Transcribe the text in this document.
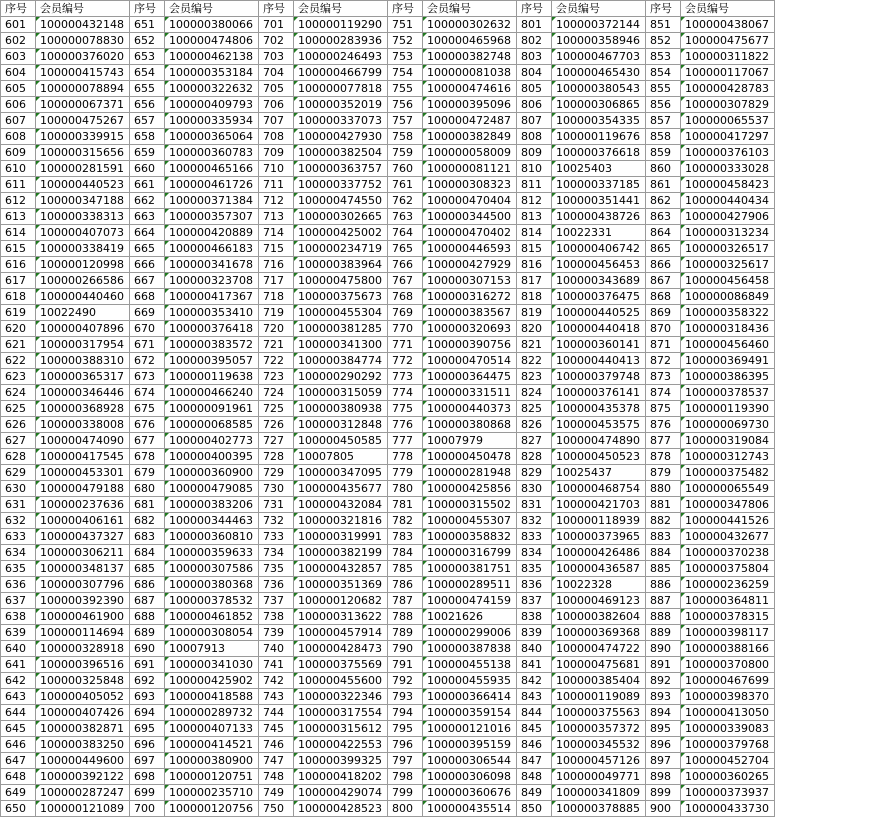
序号	会员编号	序号	会员编号	序号	会员编号	序号	会员编号	序号	会员编号	序号	会员编号
601	100000432148	651	100000380066	701	100000119290	751	100000302632	801	100000372144	851	100000438067
602	100000078830	652	100000474806	702	100000283936	752	100000465968	802	100000358946	852	100000475677
603	100000376020	653	100000462138	703	100000246493	753	100000382748	803	100000467703	853	100000311822
604	100000415743	654	100000353184	704	100000466799	754	100000081038	804	100000465430	854	100000117067
605	100000078894	655	100000322632	705	100000077818	755	100000474616	805	100000380543	855	100000428783
606	100000067371	656	100000409793	706	100000352019	756	100000395096	806	100000306865	856	100000307829
607	100000475267	657	100000335934	707	100000337073	757	100000472487	807	100000354335	857	100000065537
608	100000339915	658	100000365064	708	100000427930	758	100000382849	808	100000119676	858	100000417297
609	100000315656	659	100000360783	709	100000382504	759	100000058009	809	100000376618	859	100000376103
610	100000281591	660	100000465166	710	100000363757	760	100000081121	810	10025403	860	100000333028
611	100000440523	661	100000461726	711	100000337752	761	100000308323	811	100000337185	861	100000458423
612	100000347188	662	100000371384	712	100000474550	762	100000470404	812	100000351441	862	100000440434
613	100000338313	663	100000357307	713	100000302665	763	100000344500	813	100000438726	863	100000427906
614	100000407073	664	100000420889	714	100000425002	764	100000470402	814	10022331	864	100000313234
615	100000338419	665	100000466183	715	100000234719	765	100000446593	815	100000406742	865	100000326517
616	100000120998	666	100000341678	716	100000383964	766	100000427929	816	100000456453	866	100000325617
617	100000266586	667	100000323708	717	100000475800	767	100000307153	817	100000343689	867	100000456458
618	100000440460	668	100000417367	718	100000375673	768	100000316272	818	100000376475	868	100000086849
619	10022490	669	100000353410	719	100000455304	769	100000383567	819	100000440525	869	100000358322
620	100000407896	670	100000376418	720	100000381285	770	100000320693	820	100000440418	870	100000318436
621	100000317954	671	100000383572	721	100000341300	771	100000390756	821	100000360141	871	100000456460
622	100000388310	672	100000395057	722	100000384774	772	100000470514	822	100000440413	872	100000369491
623	100000365317	673	100000119638	723	100000290292	773	100000364475	823	100000379748	873	100000386395
624	100000346446	674	100000466240	724	100000315059	774	100000331511	824	100000376141	874	100000378537
625	100000368928	675	100000091961	725	100000380938	775	100000440373	825	100000435378	875	100000119390
626	100000338008	676	100000068585	726	100000312848	776	100000380868	826	100000453575	876	100000069730
627	100000474090	677	100000402773	727	100000450585	777	10007979	827	100000474890	877	100000319084
628	100000417545	678	100000400395	728	10007805	778	100000450478	828	100000450523	878	100000312743
629	100000453301	679	100000360900	729	100000347095	779	100000281948	829	10025437	879	100000375482
630	100000479188	680	100000479085	730	100000435677	780	100000425856	830	100000468754	880	100000065549
631	100000237636	681	100000383206	731	100000432084	781	100000315502	831	100000421703	881	100000347806
632	100000406161	682	100000344463	732	100000321816	782	100000455307	832	100000118939	882	100000441526
633	100000437327	683	100000360810	733	100000319991	783	100000358832	833	100000373965	883	100000432677
634	100000306211	684	100000359633	734	100000382199	784	100000316799	834	100000426486	884	100000370238
635	100000348137	685	100000307586	735	100000432857	785	100000381751	835	100000436587	885	100000375804
636	100000307796	686	100000380368	736	100000351369	786	100000289511	836	10022328	886	100000236259
637	100000392390	687	100000378532	737	100000120682	787	100000474159	837	100000469123	887	100000364811
638	100000461900	688	100000461852	738	100000313622	788	10021626	838	100000382604	888	100000378315
639	100000114694	689	100000308054	739	100000457914	789	100000299006	839	100000369368	889	100000398117
640	100000328918	690	10007913	740	100000428473	790	100000387838	840	100000474722	890	100000388166
641	100000396516	691	100000341030	741	100000375569	791	100000455138	841	100000475681	891	100000370800
642	100000325848	692	100000425902	742	100000455600	792	100000455935	842	100000385404	892	100000467699
643	100000405052	693	100000418588	743	100000322346	793	100000366414	843	100000119089	893	100000398370
644	100000407426	694	100000289732	744	100000317554	794	100000359154	844	100000375563	894	100000413050
645	100000382871	695	100000407133	745	100000315612	795	100000121016	845	100000357372	895	100000339083
646	100000383250	696	100000414521	746	100000422553	796	100000395159	846	100000345532	896	100000379768
647	100000449600	697	100000380900	747	100000399325	797	100000306544	847	100000457126	897	100000452704
648	100000392122	698	100000120751	748	100000418202	798	100000306098	848	100000049771	898	100000360265
649	100000287247	699	100000235710	749	100000429074	799	100000360676	849	100000341809	899	100000373937
650	100000121089	700	100000120756	750	100000428523	800	100000435514	850	100000378885	900	100000433730
